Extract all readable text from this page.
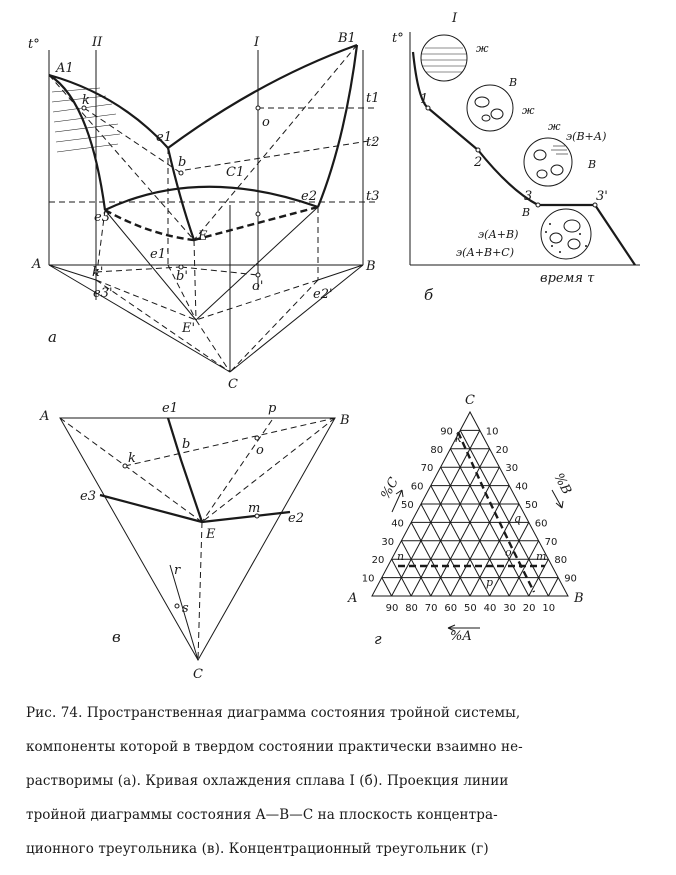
t°	II	I
A1
B1
A	B
C
C1
e1
e2
e3
E
e1'
e3'	e2'
E'
k
k'
b
b'
o
o'
t1
t2
t3
а
I
t°
1
2
3	3'
время τ
б
ж
В
ж
ж
э(В+А)
В
В
э(А+В)
э(А+В+С)
A	B
C
E
e1
e2
e3
k
b	o
p
m
r
s
в
90
80
70
60
50
40
30
20
10
10
20
30
40
50
60
70
80
90
90 80 70 60 50 40 30 20 10
C
A	B
%C	%B
%A
k
n	m
o
q
p
г

Рис. 74. Пространственная диаграмма состояния тройной системы,

компоненты которой в твердом состоянии практически взаимно не-

растворимы (а). Кривая охлаждения сплава I (б). Проекция линии

тройной диаграммы состояния A—B—C на плоскость концентра-

ционного треугольника (в). Концентрационный треугольник (г)
